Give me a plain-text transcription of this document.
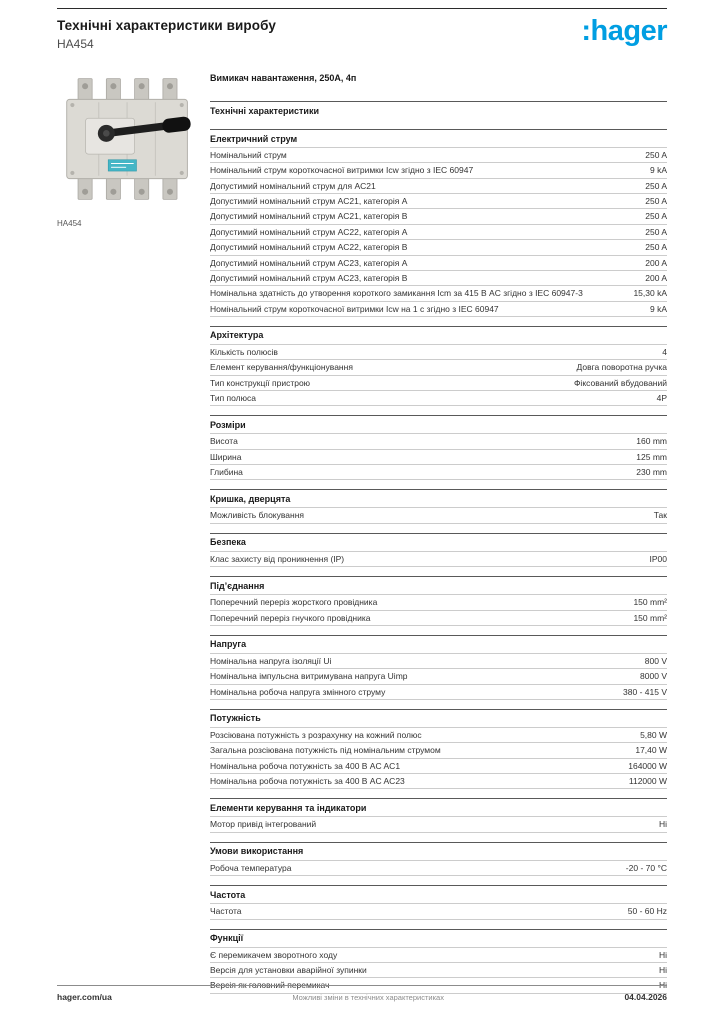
Технічні характеристики виробу
HA454	:hager
HA454
Вимикач навантаження, 250А, 4п
Технічні характеристики
Електричний струм
Номінальний струм	250 A
Номінальний струм короткочасної витримки Icw згідно з IEC 60947	9 kA
Допустимий номінальний струм для AC21	250 A
Допустимий номінальний струм AC21, категорія A	250 A
Допустимий номінальний струм AC21, категорія B	250 A
Допустимий номінальний струм AC22, категорія A	250 A
Допустимий номінальний струм AC22, категорія B	250 A
Допустимий номінальний струм AC23, категорія A	200 A
Допустимий номінальний струм AC23, категорія B	200 A
Номінальна здатність до утворення короткого замикання Icm за 415 В AC згідно з IEC 60947-3	15,30 kA
Номінальний струм короткочасної витримки Icw на 1 с згідно з IEC 60947	9 kA
Архітектура
Кількість полюсів	4
Елемент керування/функціонування	Довга поворотна ручка
Тип конструкції пристрою	Фіксований вбудований
Тип полюса	4P
Розміри
Висота	160 mm
Ширина	125 mm
Глибина	230 mm
Кришка, дверцята
Можливість блокування	Так
Безпека
Клас захисту від проникнення (IP)	IP00
Під’єднання
Поперечний переріз жорсткого провідника	150 mm²
Поперечний переріз гнучкого провідника	150 mm²
Напруга
Номінальна напруга ізоляції Ui	800 V
Номінальна імпульсна витримувана напруга Uimp	8000 V
Номінальна робоча напруга змінного струму	380 - 415 V
Потужність
Розсіювана потужність з розрахунку на кожний полюс	5,80 W
Загальна розсіювана потужність під номінальним струмом	17,40 W
Номінальна робоча потужність за 400 В AC AC1	164000 W
Номінальна робоча потужність за 400 В AC AC23	112000 W
Елементи керування та індикатори
Мотор привід інтегрований	Ні
Умови використання
Робоча температура	-20 - 70 °C
Частота
Частота	50 - 60 Hz
Функції
Є перемикачем зворотного ходу	Ні
Версія для установки аварійної зупинки	Ні
Версія як головний перемикач	Ні
hager.com/ua	Можливі зміни в технічних характеристиках	04.04.2026
